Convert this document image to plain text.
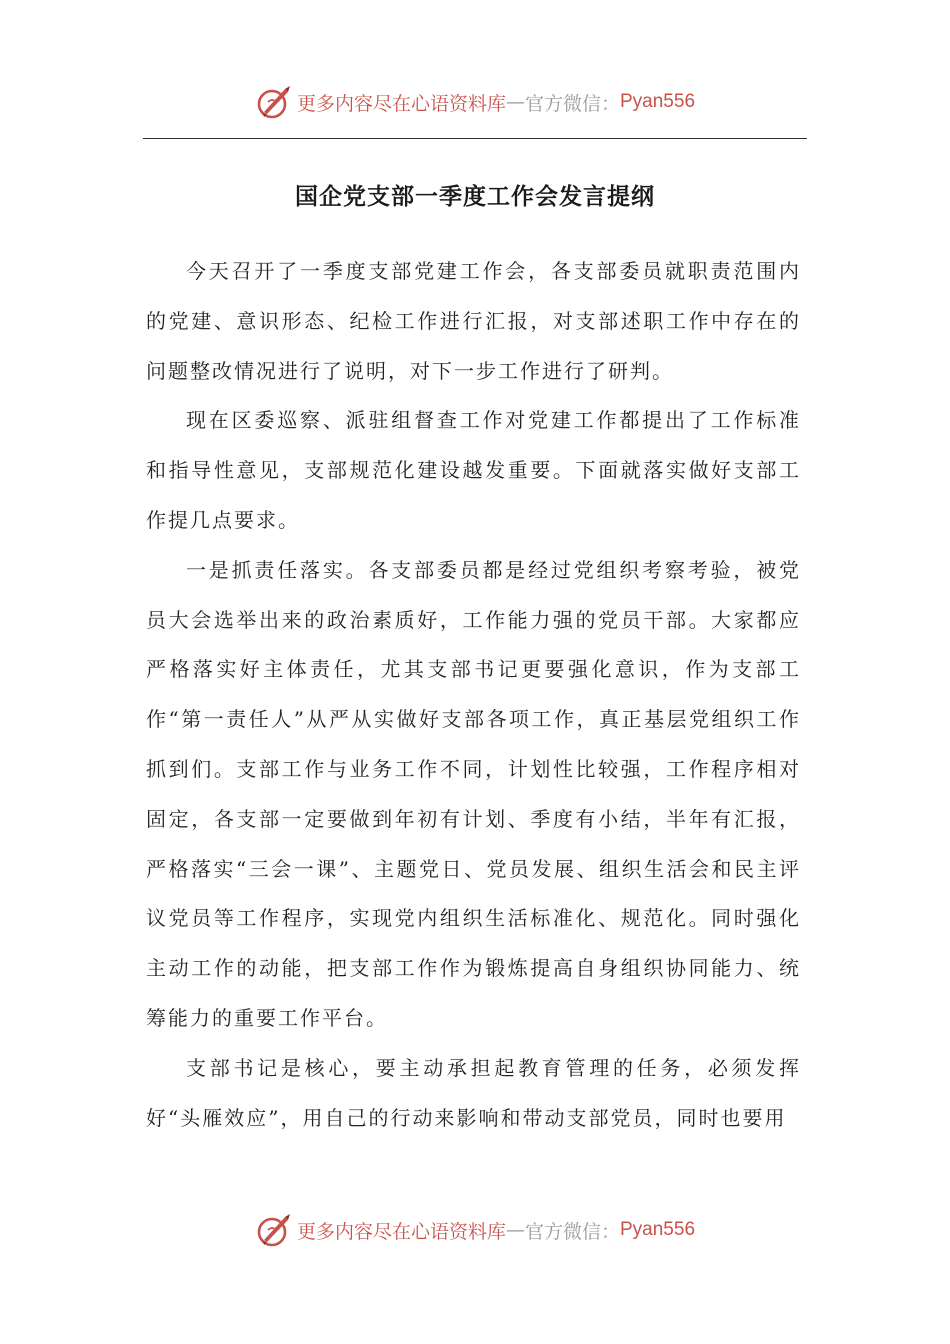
更多内容尽在心语资料库 — 官方微信： Pyan556
国企党支部一季度工作会发言提纲

今天召开了一季度支部党建工作会，各支部委员就职责范围内的党建、意识形态、纪检工作进行汇报，对支部述职工作中存在的问题整改情况进行了说明，对下一步工作进行了研判。

现在区委巡察、派驻组督查工作对党建工作都提出了工作标准和指导性意见，支部规范化建设越发重要。下面就落实做好支部工作提几点要求。

一是抓责任落实。各支部委员都是经过党组织考察考验，被党员大会选举出来的政治素质好，工作能力强的党员干部。大家都应严格落实好主体责任，尤其支部书记更要强化意识，作为支部工作“第一责任人”从严从实做好支部各项工作，真正基层党组织工作抓到们。支部工作与业务工作不同，计划性比较强，工作程序相对固定，各支部一定要做到年初有计划、季度有小结，半年有汇报，严格落实“三会一课”、主题党日、党员发展、组织生活会和民主评议党员等工作程序，实现党内组织生活标准化、规范化。同时强化主动工作的动能，把支部工作作为锻炼提高自身组织协同能力、统筹能力的重要工作平台。

支部书记是核心，要主动承担起教育管理的任务，必须发挥好“头雁效应”，用自己的行动来影响和带动支部党员，同时也要用

更多内容尽在心语资料库 — 官方微信： Pyan556
